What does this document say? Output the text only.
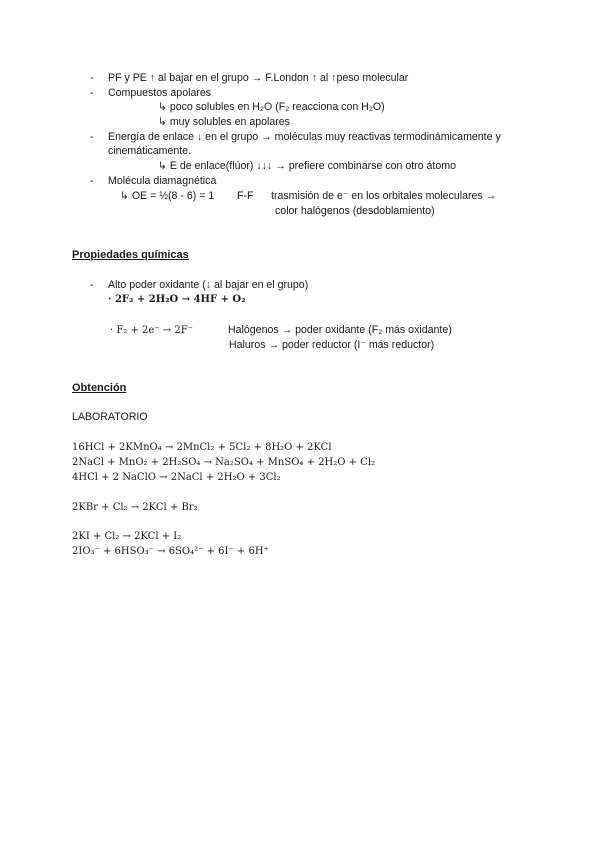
- PF y PE ↑ al bajar en el grupo → F.London ↑ al ↑peso molecular
- Compuestos apolares
↳ poco solubles en H₂O (F₂ reacciona con H₂O)
↳ muy solubles en apolares
- Energía de enlace ↓ en el grupo → moléculas muy reactivas termodinámicamente y
cinemáticamente.
↳ E de enlace(flúor) ↓↓↓ → prefiere combinarse con otro átomo
- Molécula diamagnética
↳ OE = ½(8 - 6) = 1 F-F trasmisión de e⁻ en los orbitales moleculares →
color halógenos (desdoblamiento)
Propiedades químicas
- Alto poder oxidante (↓ al bajar en el grupo)
· 2F₂ + 2H₂O → 4HF + O₂
· F₂ + 2e⁻ → 2F⁻	Halógenos → poder oxidante (F₂ más oxidante)
Haluros → poder reductor (I⁻ más reductor)
Obtención
LABORATORIO
16HCl + 2KMnO₄ → 2MnCl₂ + 5Cl₂ + 8H₂O + 2KCl
2NaCl + MnO₂ + 2H₂SO₄ → Na₂SO₄ + MnSO₄ + 2H₂O + Cl₂
4HCl + 2 NaClO → 2NaCl + 2H₂O + 3Cl₂
2KBr + Cl₂ → 2KCl + Br₂
2KI + Cl₂ → 2KCl + I₂
2IO₃⁻ + 6HSO₃⁻ → 6SO₄²⁻ + 6I⁻ + 6H⁺
